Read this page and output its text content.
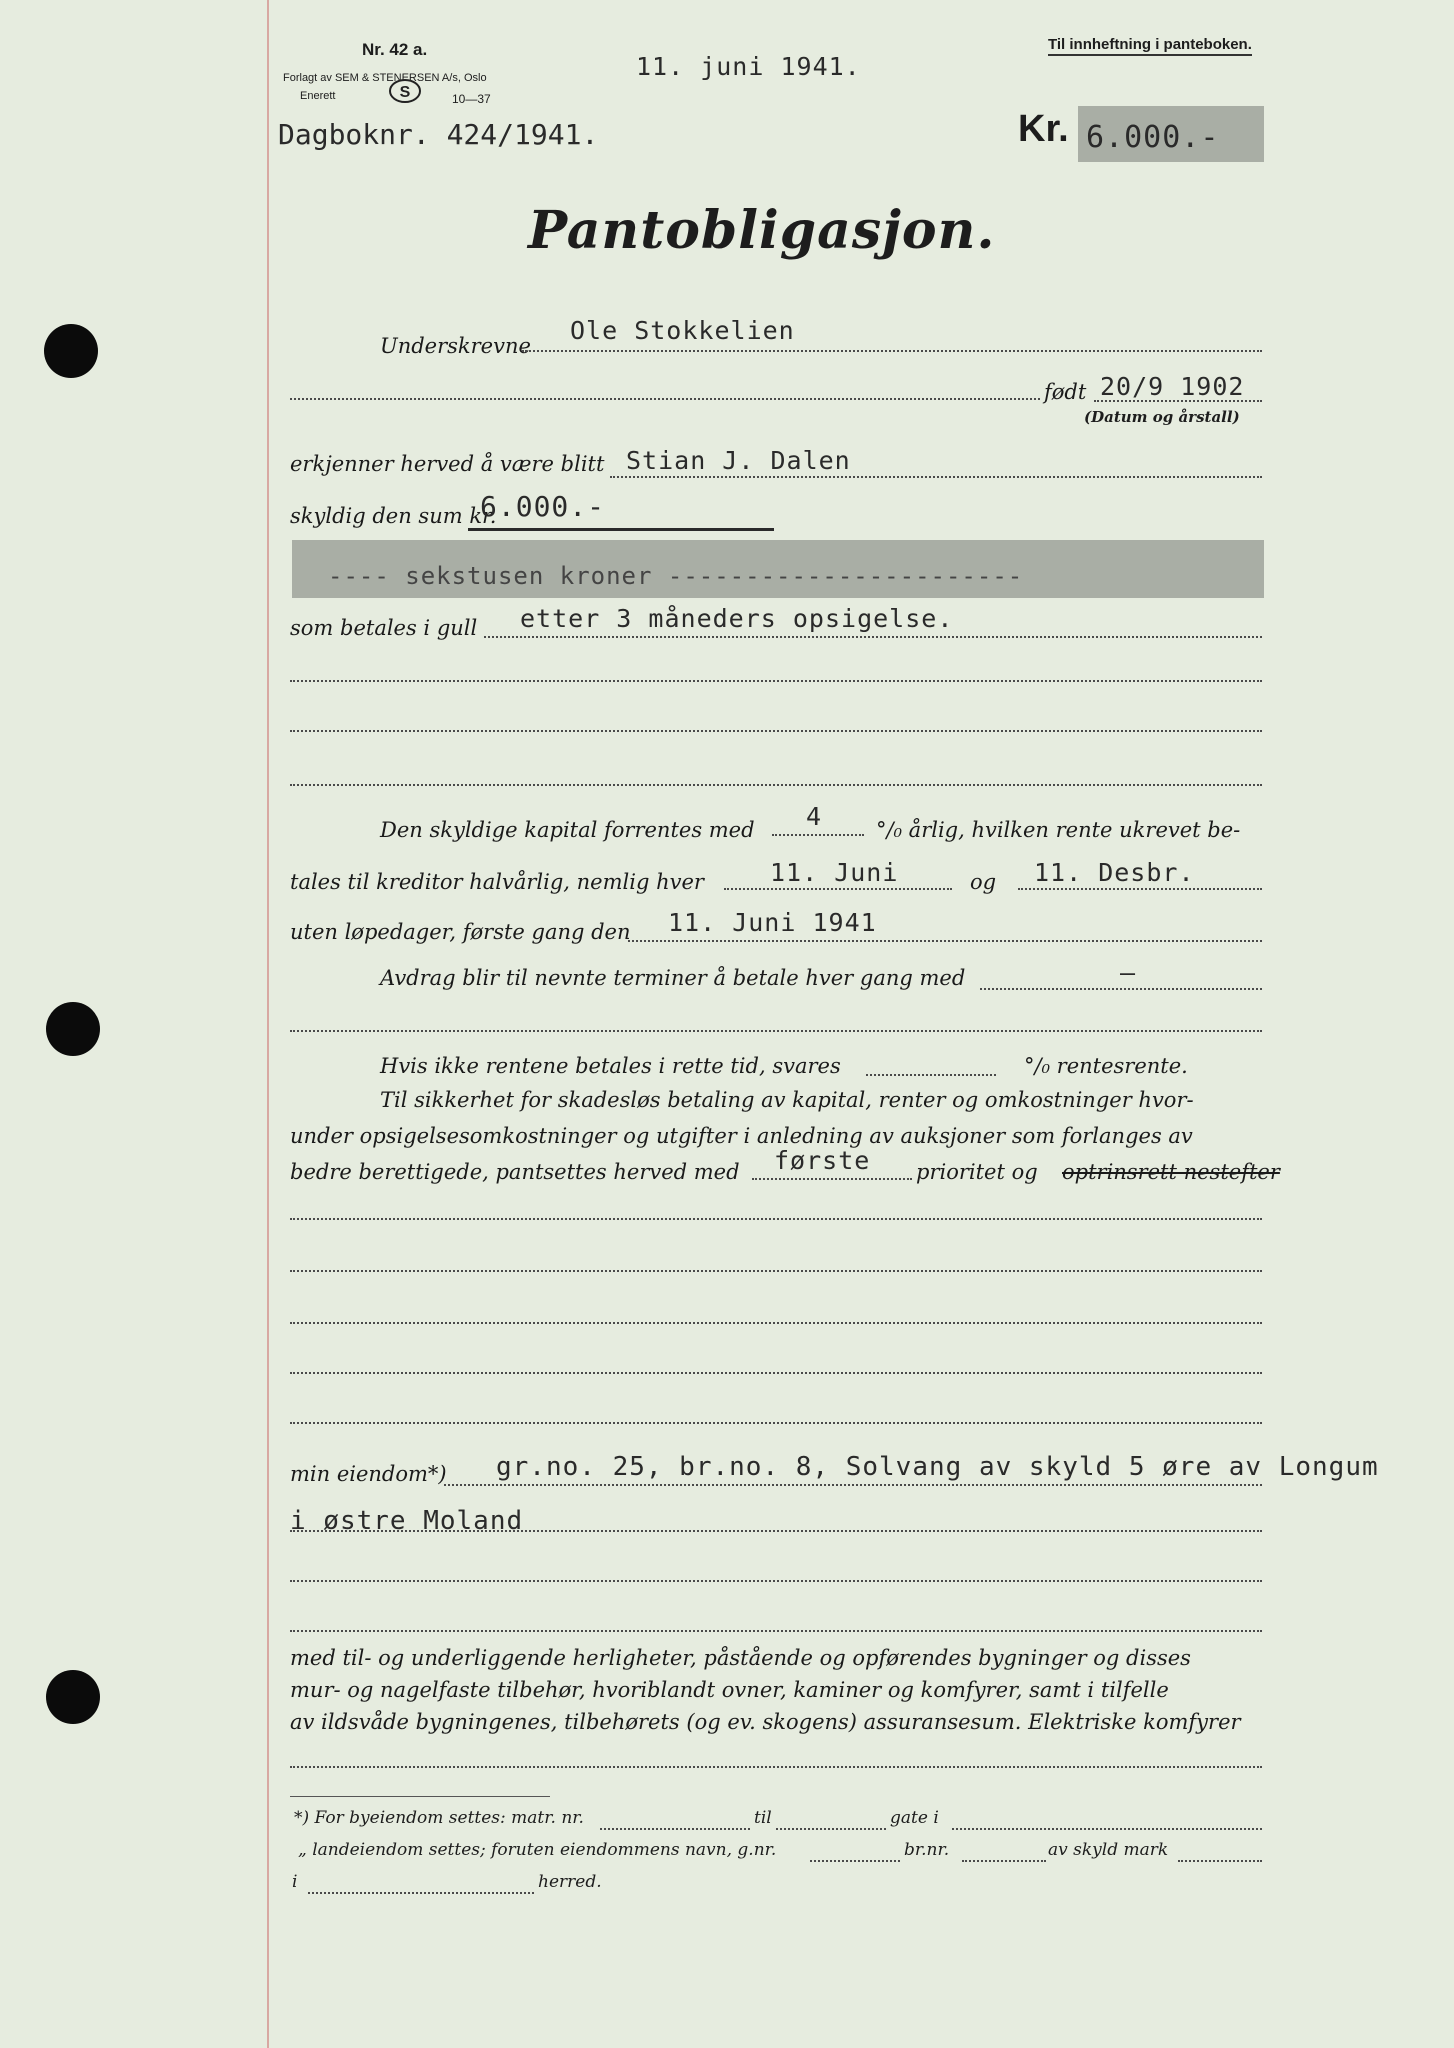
Nr. 42 a.
Forlagt av SEM & STENERSEN A/s, Oslo
Enerett	S	10—37
11. juni 1941.
Til innheftning i panteboken.
Dagboknr. 424/1941.	Kr. 6.000.-
Pantobligasjon.
Underskrevne
Ole Stokkelien
født 20/9 1902
(Datum og årstall)
erkjenner herved å være blitt Stian J. Dalen
skyldig den sum kr.
6.000.-
---- sekstusen kroner -----------------------
som betales i gull etter 3 måneders opsigelse.
Den skyldige kapital forrentes med 4	°/₀ årlig, hvilken rente ukrevet be-
tales til kreditor halvårlig, nemlig hver	11. Juni	og 11. Desbr.
uten løpedager, første gang den 11. Juni 1941
Avdrag blir til nevnte terminer å betale hver gang med	—
Hvis ikke rentene betales i rette tid, svares	°/₀ rentesrente.
Til sikkerhet for skadesløs betaling av kapital, renter og omkostninger hvor-
under opsigelsesomkostninger og utgifter i anledning av auksjoner som forlanges av
bedre berettigede, pantsettes herved med første prioritet og optrinsrett nestefter
min eiendom*) gr.no. 25, br.no. 8, Solvang av skyld 5 øre av Longum
i østre Moland
med til- og underliggende herligheter, påstående og opførendes bygninger og disses
mur- og nagelfaste tilbehør, hvoriblandt ovner, kaminer og komfyrer, samt i tilfelle
av ildsvåde bygningenes, tilbehørets (og ev. skogens) assuransesum. Elektriske komfyrer
*) For byeiendom settes: matr. nr.	til	gate i
„ landeiendom settes; foruten eiendommens navn, g.nr.	br.nr.	av skyld mark
i	herred.
